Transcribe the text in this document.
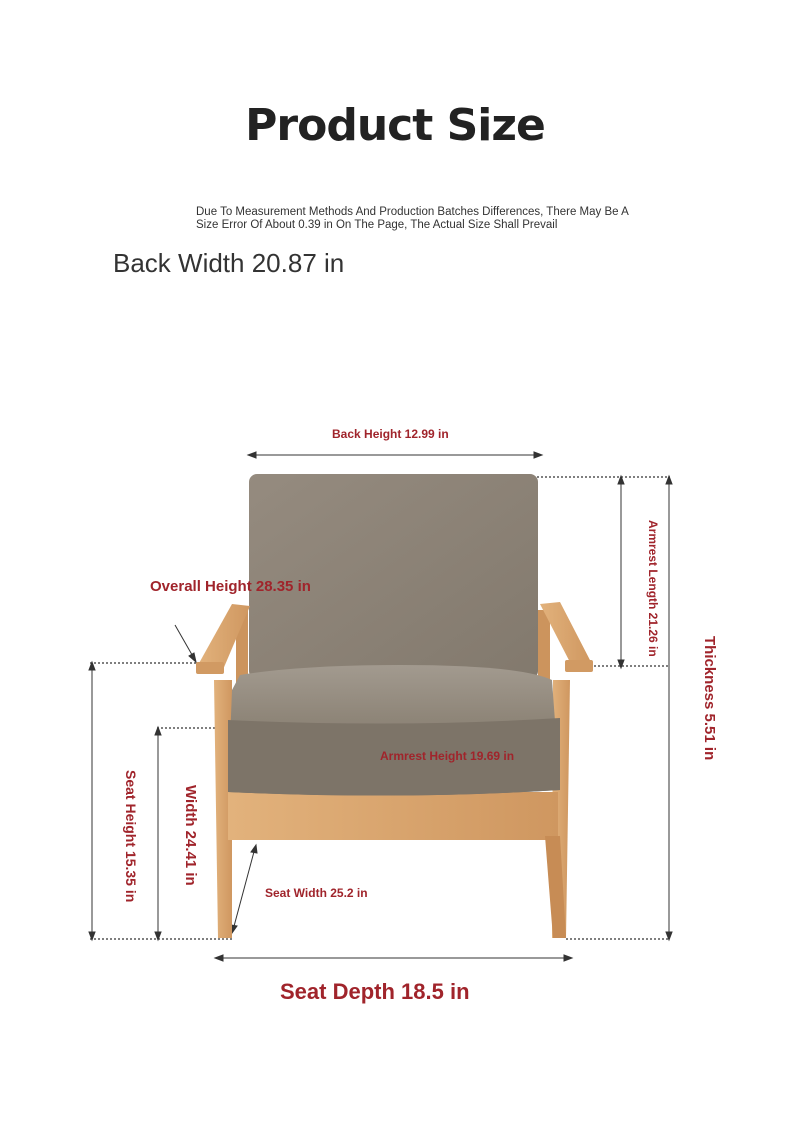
Product Size
Due To Measurement Methods And Production Batches Differences, There May Be A Size Error Of About 0.39 in On The Page, The Actual Size Shall Prevail
Back Width 20.87 in
Back Height 12.99 in
Overall Height 28.35 in	Armrest Length 21.26 in
Thickness 5.51 in
Armrest Height 19.69 in
Seat Height 15.35 in	Width 24.41 in
Seat Width 25.2 in
Seat Depth 18.5 in
